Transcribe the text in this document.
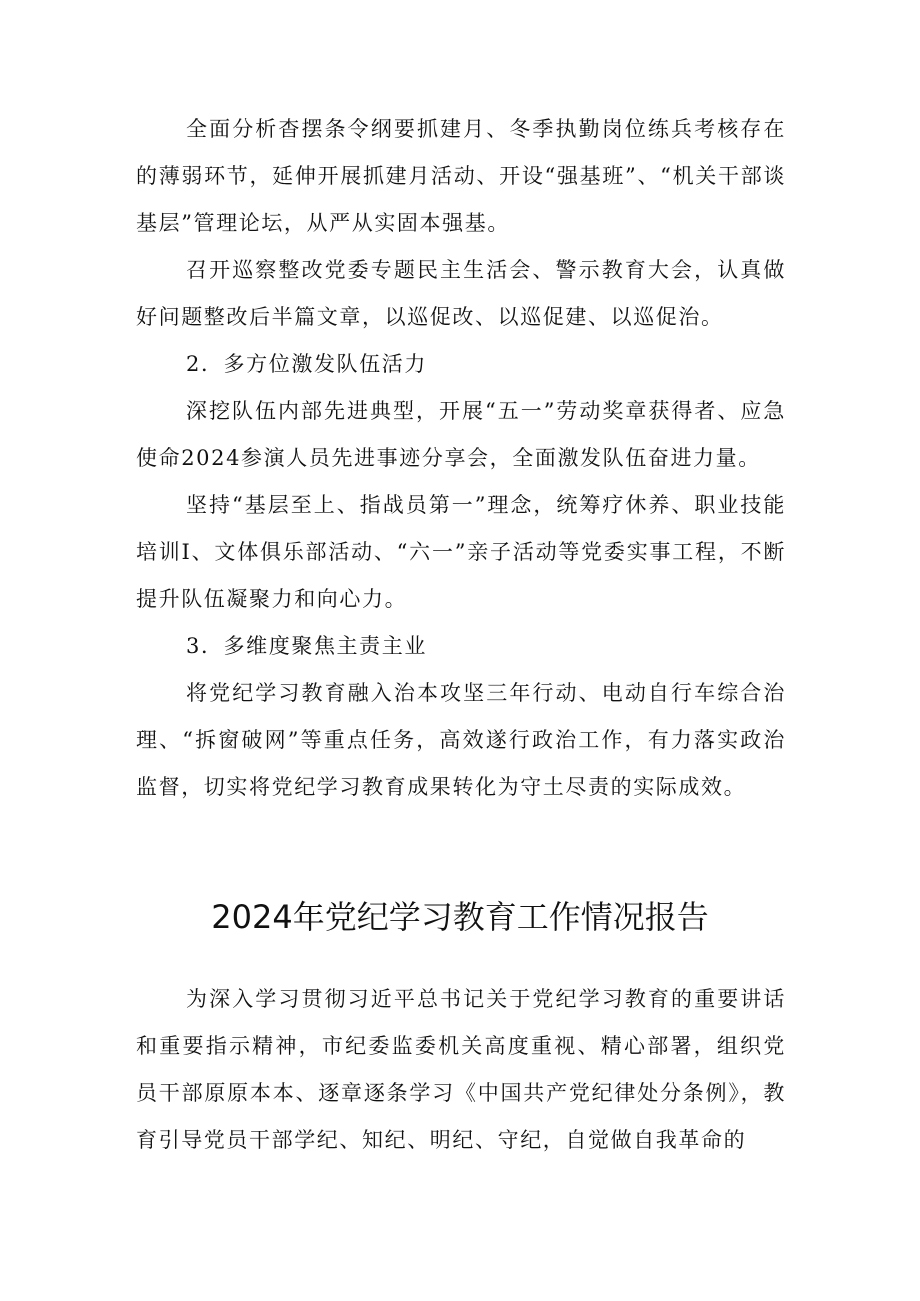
全面分析杳摆条令纲要抓建月、冬季执勤岗位练兵考核存在的薄弱环节，延伸开展抓建月活动、开设“强基班”、“机关干部谈基层”管理论坛，从严从实固本强基。

召开巡察整改党委专题民主生活会、警示教育大会，认真做好问题整改后半篇文章，以巡促改、以巡促建、以巡促治。

2．多方位激发队伍活力

深挖队伍内部先进典型，开展“五一”劳动奖章获得者、应急使命2024参演人员先进事迹分享会，全面激发队伍奋进力量。

坚持“基层至上、指战员第一”理念，统筹疗休养、职业技能培训I、文体俱乐部活动、“六一”亲子活动等党委实事工程，不断提升队伍凝聚力和向心力。

3．多维度聚焦主责主业

将党纪学习教育融入治本攻坚三年行动、电动自行车综合治理、“拆窗破网”等重点任务，高效遂行政治工作，有力落实政治监督，切实将党纪学习教育成果转化为守土尽责的实际成效。

2024年党纪学习教育工作情况报告

为深入学习贯彻习近平总书记关于党纪学习教育的重要讲话和重要指示精神，市纪委监委机关高度重视、精心部署，组织党员干部原原本本、逐章逐条学习《中国共产党纪律处分条例》，教育引导党员干部学纪、知纪、明纪、守纪，自觉做自我革命的
